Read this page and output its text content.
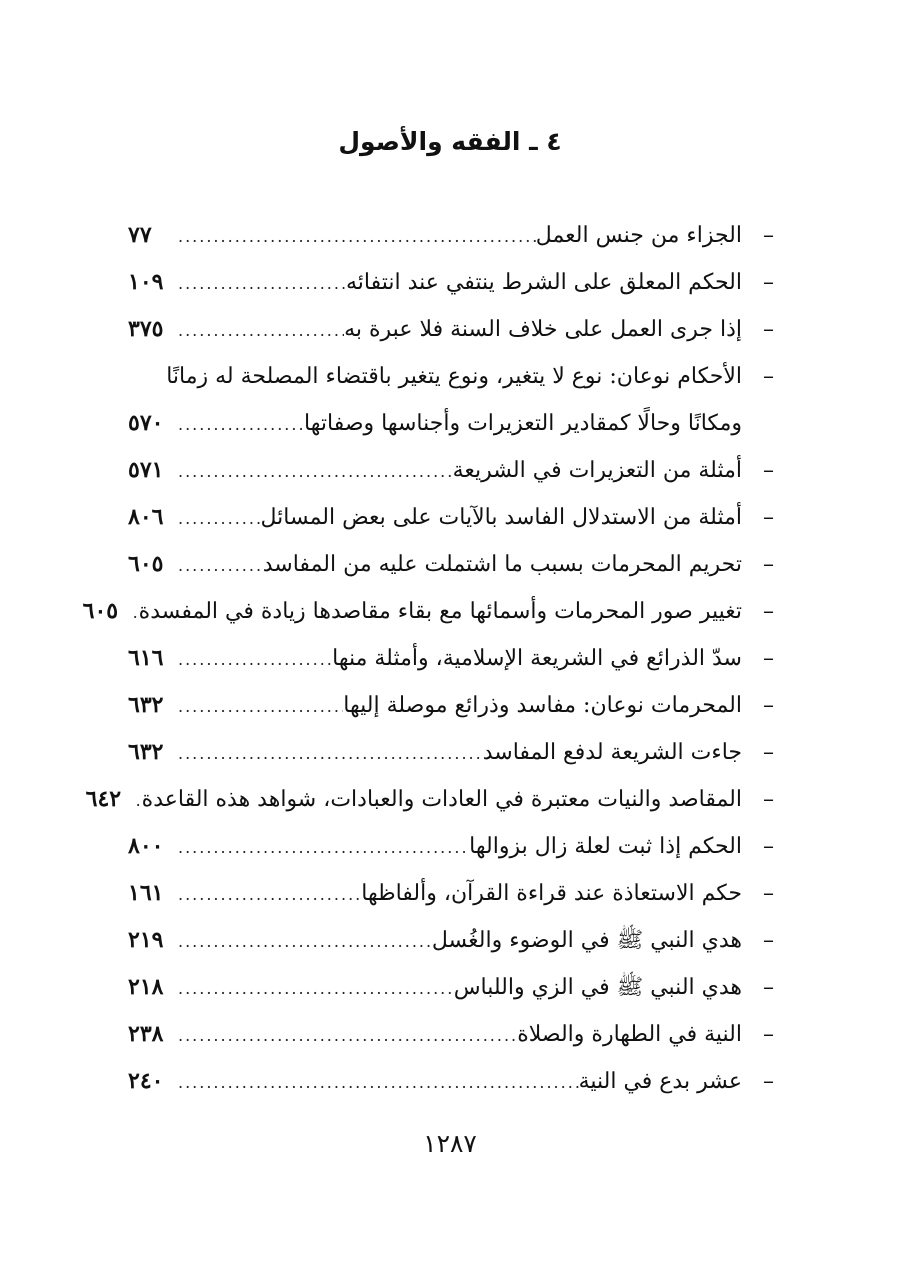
٤ ـ الفقه والأصول
–
الجزاء من جنس العمل
.....
٧٧
–
الحكم المعلق على الشرط ينتفي عند انتفائه
.....
١٠٩
–
إذا جرى العمل على خلاف السنة فلا عبرة به
.....
٣٧٥
–
الأحكام نوعان: نوع لا يتغير، ونوع يتغير باقتضاء المصلحة له زمانًا
ومكانًا وحالًا كمقادير التعزيرات وأجناسها وصفاتها
.....
٥٧٠
–
أمثلة من التعزيرات في الشريعة
.....
٥٧١
–
أمثلة من الاستدلال الفاسد بالآيات على بعض المسائل
.....
٨٠٦
–
تحريم المحرمات بسبب ما اشتملت عليه من المفاسد
.....
٦٠٥
–
تغيير صور المحرمات وأسمائها مع بقاء مقاصدها زيادة في المفسدة
.....
٦٠٥
–
سدّ الذرائع في الشريعة الإسلامية، وأمثلة منها
.....
٦١٦
–
المحرمات نوعان: مفاسد وذرائع موصلة إليها
.....
٦٣٢
–
جاءت الشريعة لدفع المفاسد
.....
٦٣٢
–
المقاصد والنيات معتبرة في العادات والعبادات، شواهد هذه القاعدة
.....
٦٤٢
–
الحكم إذا ثبت لعلة زال بزوالها
.....
٨٠٠
–
حكم الاستعاذة عند قراءة القرآن، وألفاظها
.....
١٦١
–
هدي النبي ﷺ في الوضوء والغُسل
.....
٢١٩
–
هدي النبي ﷺ في الزي واللباس
.....
٢١٨
–
النية في الطهارة والصلاة
.....
٢٣٨
–
عشر بدع في النية
.....
٢٤٠
١٢٨٧
